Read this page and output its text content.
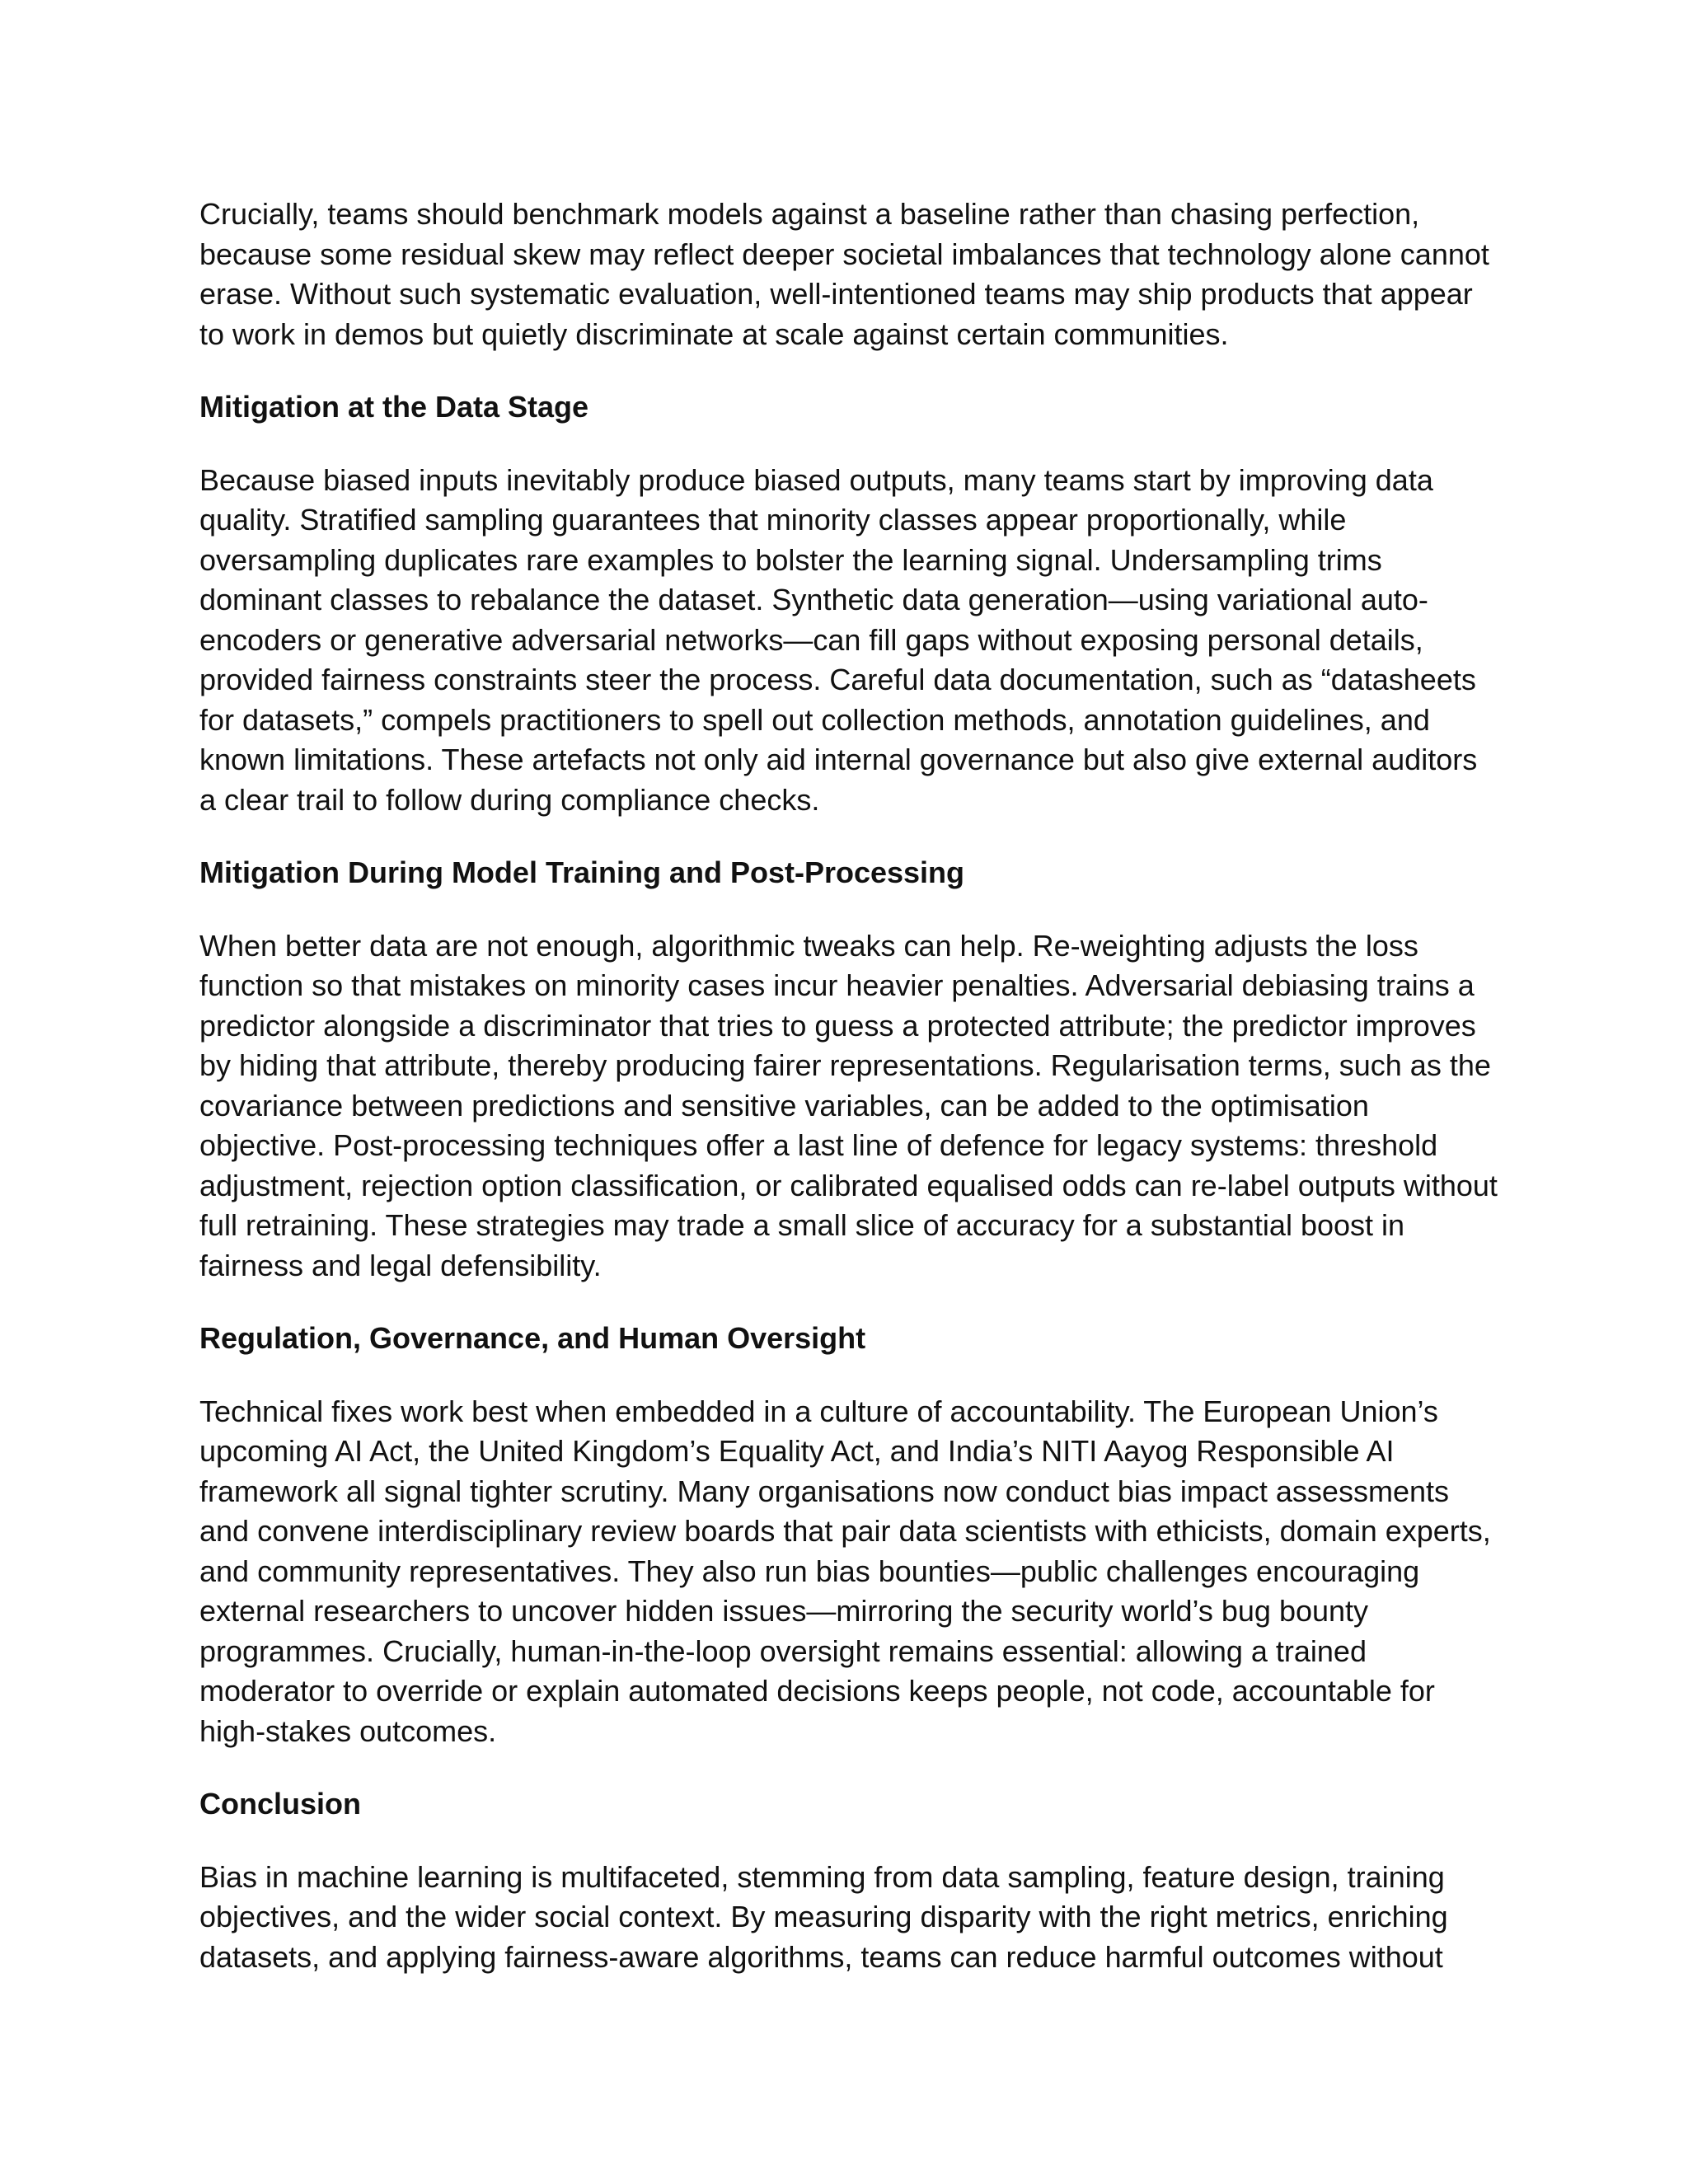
Crucially, teams should benchmark models against a baseline rather than chasing perfection, because some residual skew may reflect deeper societal imbalances that technology alone cannot erase. Without such systematic evaluation, well-intentioned teams may ship products that appear to work in demos but quietly discriminate at scale against certain communities.

Mitigation at the Data Stage

Because biased inputs inevitably produce biased outputs, many teams start by improving data quality. Stratified sampling guarantees that minority classes appear proportionally, while oversampling duplicates rare examples to bolster the learning signal. Undersampling trims dominant classes to rebalance the dataset. Synthetic data generation—using variational auto-encoders or generative adversarial networks—can fill gaps without exposing personal details, provided fairness constraints steer the process. Careful data documentation, such as “datasheets for datasets,” compels practitioners to spell out collection methods, annotation guidelines, and known limitations. These artefacts not only aid internal governance but also give external auditors a clear trail to follow during compliance checks.

Mitigation During Model Training and Post-Processing

When better data are not enough, algorithmic tweaks can help. Re-weighting adjusts the loss function so that mistakes on minority cases incur heavier penalties. Adversarial debiasing trains a predictor alongside a discriminator that tries to guess a protected attribute; the predictor improves by hiding that attribute, thereby producing fairer representations. Regularisation terms, such as the covariance between predictions and sensitive variables, can be added to the optimisation objective. Post-processing techniques offer a last line of defence for legacy systems: threshold adjustment, rejection option classification, or calibrated equalised odds can re-label outputs without full retraining. These strategies may trade a small slice of accuracy for a substantial boost in fairness and legal defensibility.

Regulation, Governance, and Human Oversight

Technical fixes work best when embedded in a culture of accountability. The European Union’s upcoming AI Act, the United Kingdom’s Equality Act, and India’s NITI Aayog Responsible AI framework all signal tighter scrutiny. Many organisations now conduct bias impact assessments and convene interdisciplinary review boards that pair data scientists with ethicists, domain experts, and community representatives. They also run bias bounties—public challenges encouraging external researchers to uncover hidden issues—mirroring the security world’s bug bounty programmes. Crucially, human-in-the-loop oversight remains essential: allowing a trained moderator to override or explain automated decisions keeps people, not code, accountable for high-stakes outcomes.

Conclusion

Bias in machine learning is multifaceted, stemming from data sampling, feature design, training objectives, and the wider social context. By measuring disparity with the right metrics, enriching datasets, and applying fairness-aware algorithms, teams can reduce harmful outcomes without
